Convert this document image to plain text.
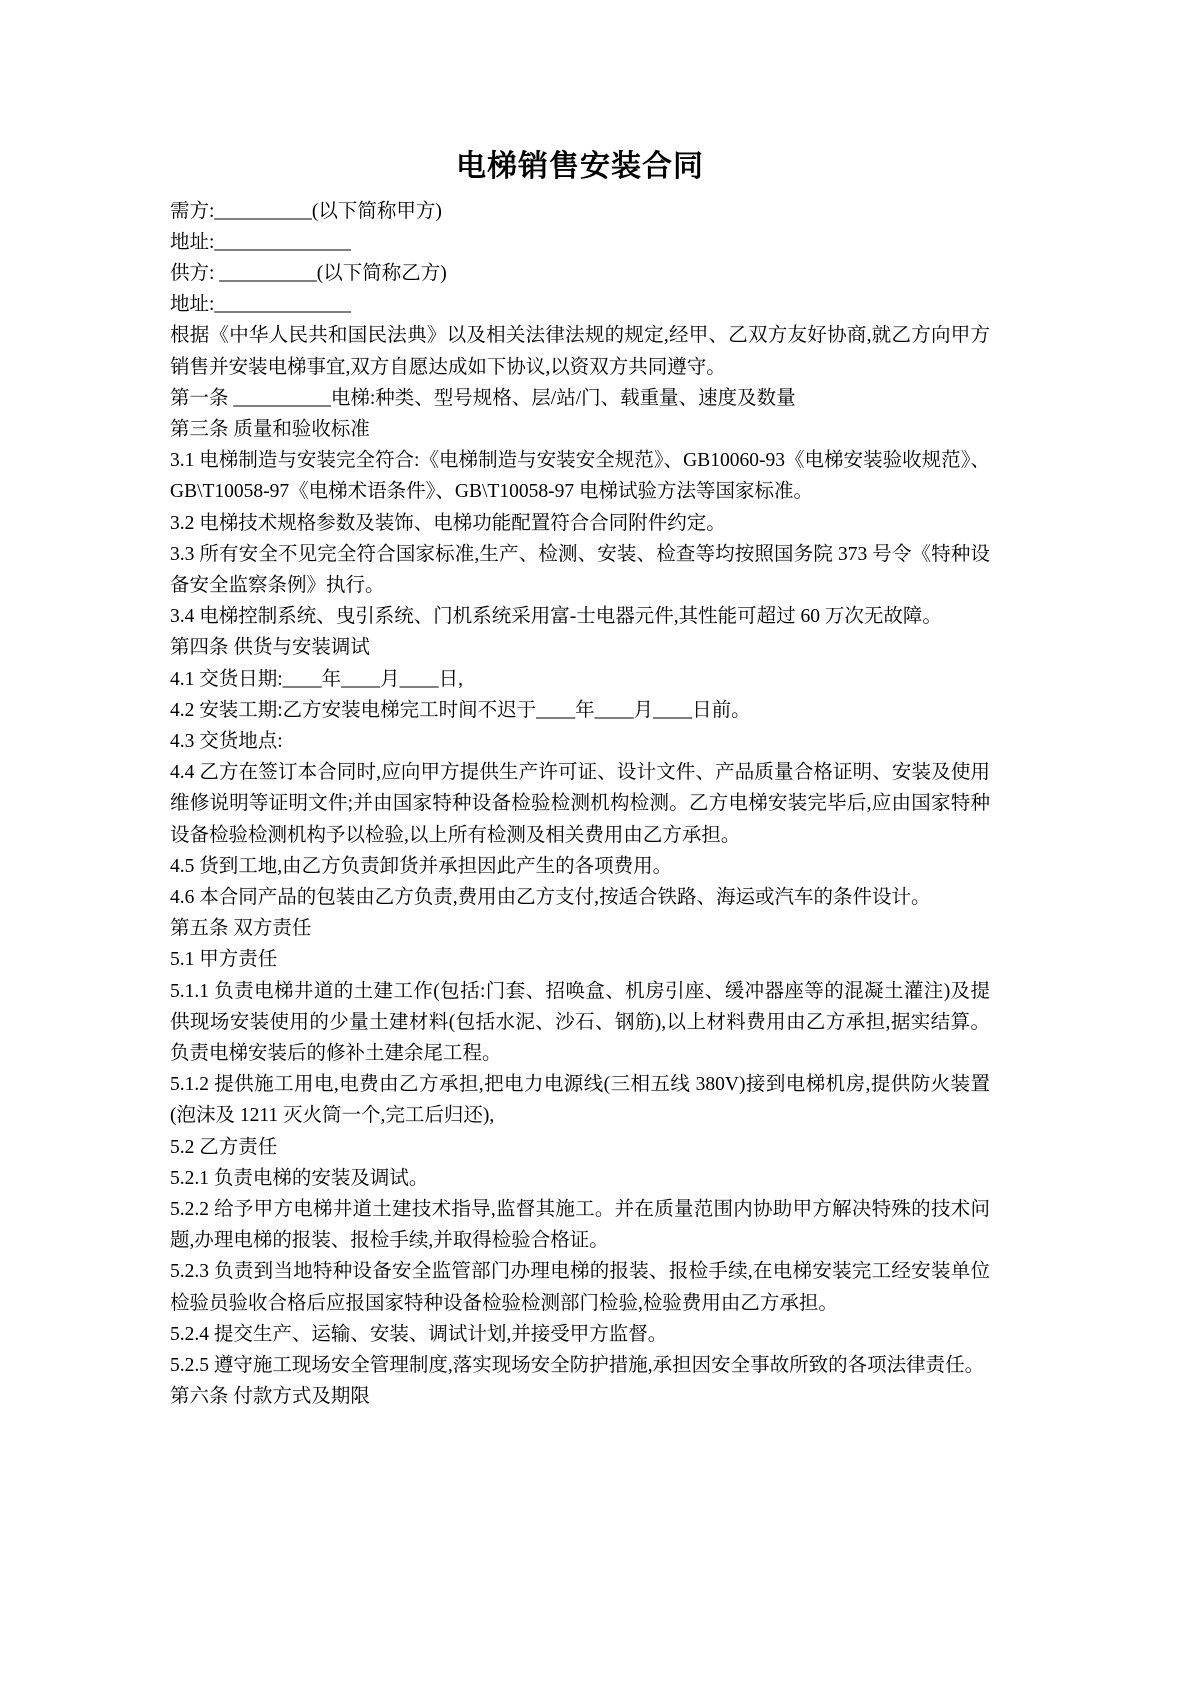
电梯销售安装合同

需方:__________(以下简称甲方)

地址:______________

供方: __________(以下简称乙方)

地址:______________

根据《中华人民共和国民法典》以及相关法律法规的规定,经甲、乙双方友好协商,就乙方向甲方销售并安装电梯事宜,双方自愿达成如下协议,以资双方共同遵守。

第一条 __________电梯:种类、型号规格、层/站/门、载重量、速度及数量

第三条 质量和验收标准

3.1 电梯制造与安装完全符合:《电梯制造与安装安全规范》、GB10060-93《电梯安装验收规范》、GB\T10058-97《电梯术语条件》、GB\T10058-97 电梯试验方法等国家标准。

3.2 电梯技术规格参数及装饰、电梯功能配置符合合同附件约定。

3.3 所有安全不见完全符合国家标准,生产、检测、安装、检查等均按照国务院 373 号令《特种设备安全监察条例》执行。

3.4 电梯控制系统、曳引系统、门机系统采用富-士电器元件,其性能可超过 60 万次无故障。

第四条 供货与安装调试

4.1 交货日期:____年____月____日,

4.2 安装工期:乙方安装电梯完工时间不迟于____年____月____日前。

4.3 交货地点:

4.4 乙方在签订本合同时,应向甲方提供生产许可证、设计文件、产品质量合格证明、安装及使用维修说明等证明文件;并由国家特种设备检验检测机构检测。乙方电梯安装完毕后,应由国家特种设备检验检测机构予以检验,以上所有检测及相关费用由乙方承担。

4.5 货到工地,由乙方负责卸货并承担因此产生的各项费用。

4.6 本合同产品的包装由乙方负责,费用由乙方支付,按适合铁路、海运或汽车的条件设计。

第五条 双方责任

5.1 甲方责任

5.1.1 负责电梯井道的土建工作(包括:门套、招唤盒、机房引座、缓冲器座等的混凝土灌注)及提供现场安装使用的少量土建材料(包括水泥、沙石、钢筋),以上材料费用由乙方承担,据实结算。负责电梯安装后的修补土建余尾工程。

5.1.2 提供施工用电,电费由乙方承担,把电力电源线(三相五线 380V)接到电梯机房,提供防火装置(泡沫及 1211 灭火筒一个,完工后归还),

5.2 乙方责任

5.2.1 负责电梯的安装及调试。

5.2.2 给予甲方电梯井道土建技术指导,监督其施工。并在质量范围内协助甲方解决特殊的技术问题,办理电梯的报装、报检手续,并取得检验合格证。

5.2.3 负责到当地特种设备安全监管部门办理电梯的报装、报检手续,在电梯安装完工经安装单位检验员验收合格后应报国家特种设备检验检测部门检验,检验费用由乙方承担。

5.2.4 提交生产、运输、安装、调试计划,并接受甲方监督。

5.2.5 遵守施工现场安全管理制度,落实现场安全防护措施,承担因安全事故所致的各项法律责任。

第六条 付款方式及期限
